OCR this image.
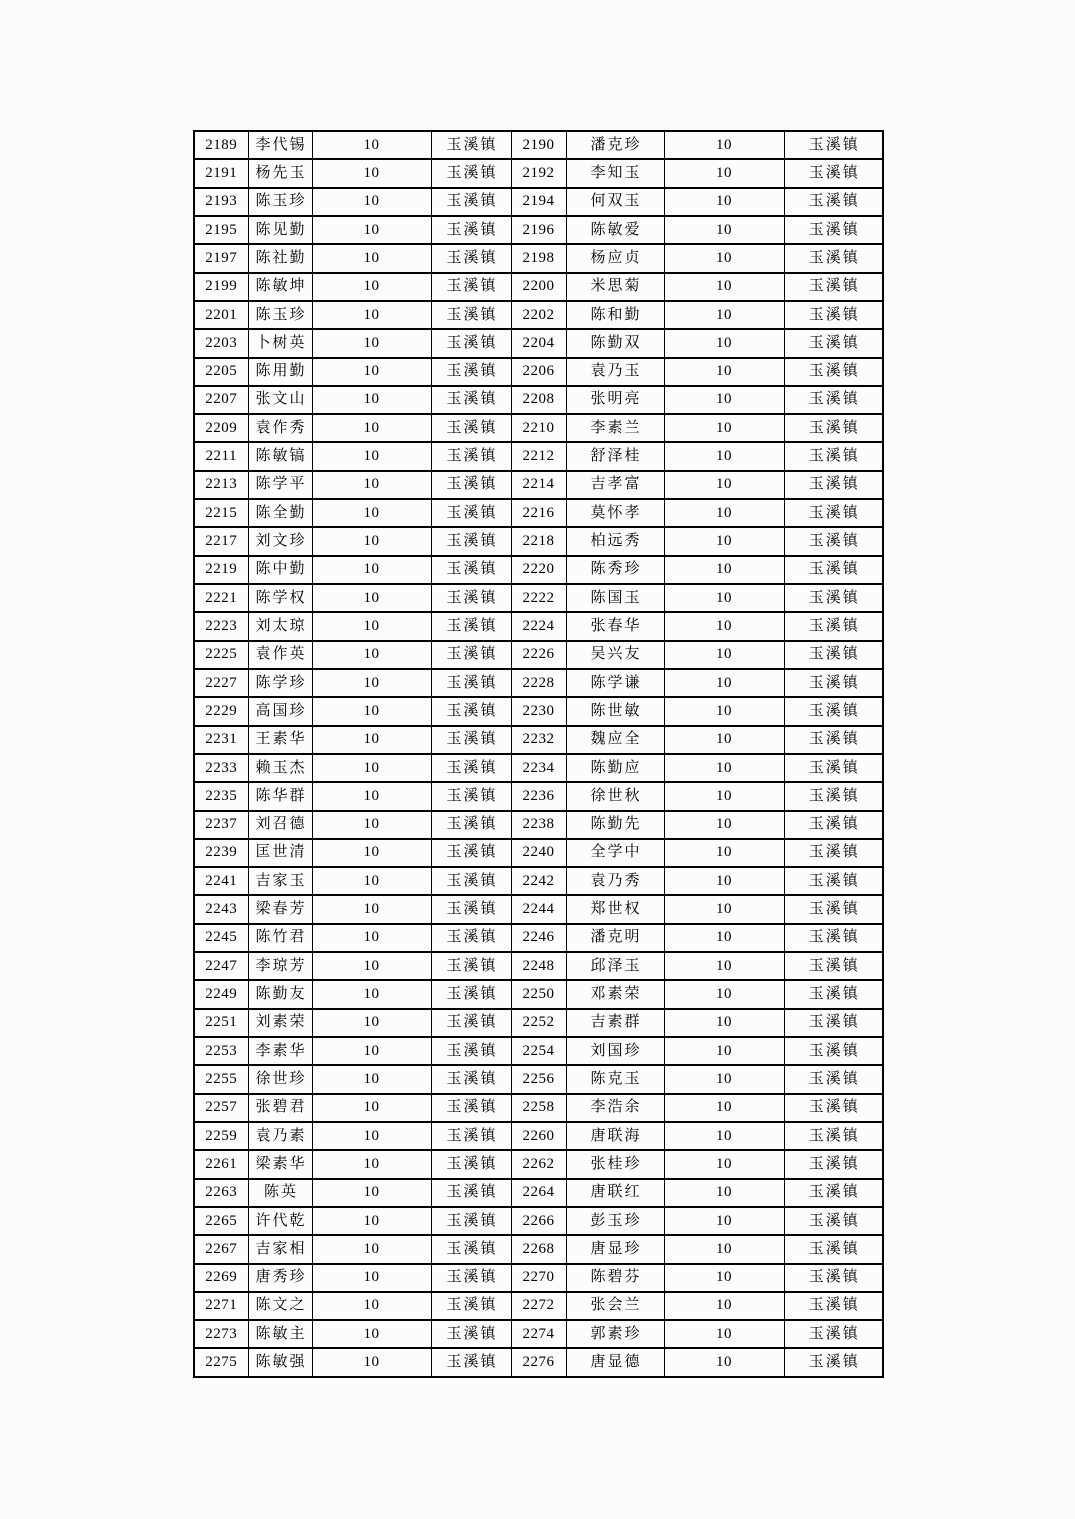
2189	李代锡	10	玉溪镇	2190	潘克珍	10	玉溪镇
2191	杨先玉	10	玉溪镇	2192	李知玉	10	玉溪镇
2193	陈玉珍	10	玉溪镇	2194	何双玉	10	玉溪镇
2195	陈见勤	10	玉溪镇	2196	陈敏爱	10	玉溪镇
2197	陈社勤	10	玉溪镇	2198	杨应贞	10	玉溪镇
2199	陈敏坤	10	玉溪镇	2200	米思菊	10	玉溪镇
2201	陈玉珍	10	玉溪镇	2202	陈和勤	10	玉溪镇
2203	卜树英	10	玉溪镇	2204	陈勤双	10	玉溪镇
2205	陈用勤	10	玉溪镇	2206	袁乃玉	10	玉溪镇
2207	张文山	10	玉溪镇	2208	张明亮	10	玉溪镇
2209	袁作秀	10	玉溪镇	2210	李素兰	10	玉溪镇
2211	陈敏镐	10	玉溪镇	2212	舒泽桂	10	玉溪镇
2213	陈学平	10	玉溪镇	2214	吉孝富	10	玉溪镇
2215	陈全勤	10	玉溪镇	2216	莫怀孝	10	玉溪镇
2217	刘文珍	10	玉溪镇	2218	柏远秀	10	玉溪镇
2219	陈中勤	10	玉溪镇	2220	陈秀珍	10	玉溪镇
2221	陈学权	10	玉溪镇	2222	陈国玉	10	玉溪镇
2223	刘太琼	10	玉溪镇	2224	张春华	10	玉溪镇
2225	袁作英	10	玉溪镇	2226	吴兴友	10	玉溪镇
2227	陈学珍	10	玉溪镇	2228	陈学谦	10	玉溪镇
2229	高国珍	10	玉溪镇	2230	陈世敏	10	玉溪镇
2231	王素华	10	玉溪镇	2232	魏应全	10	玉溪镇
2233	赖玉杰	10	玉溪镇	2234	陈勤应	10	玉溪镇
2235	陈华群	10	玉溪镇	2236	徐世秋	10	玉溪镇
2237	刘召德	10	玉溪镇	2238	陈勤先	10	玉溪镇
2239	匡世清	10	玉溪镇	2240	全学中	10	玉溪镇
2241	吉家玉	10	玉溪镇	2242	袁乃秀	10	玉溪镇
2243	梁春芳	10	玉溪镇	2244	郑世权	10	玉溪镇
2245	陈竹君	10	玉溪镇	2246	潘克明	10	玉溪镇
2247	李琼芳	10	玉溪镇	2248	邱泽玉	10	玉溪镇
2249	陈勤友	10	玉溪镇	2250	邓素荣	10	玉溪镇
2251	刘素荣	10	玉溪镇	2252	吉素群	10	玉溪镇
2253	李素华	10	玉溪镇	2254	刘国珍	10	玉溪镇
2255	徐世珍	10	玉溪镇	2256	陈克玉	10	玉溪镇
2257	张碧君	10	玉溪镇	2258	李浩余	10	玉溪镇
2259	袁乃素	10	玉溪镇	2260	唐联海	10	玉溪镇
2261	梁素华	10	玉溪镇	2262	张桂珍	10	玉溪镇
2263	陈英	10	玉溪镇	2264	唐联红	10	玉溪镇
2265	许代乾	10	玉溪镇	2266	彭玉珍	10	玉溪镇
2267	吉家相	10	玉溪镇	2268	唐显珍	10	玉溪镇
2269	唐秀珍	10	玉溪镇	2270	陈碧芬	10	玉溪镇
2271	陈文之	10	玉溪镇	2272	张会兰	10	玉溪镇
2273	陈敏主	10	玉溪镇	2274	郭素珍	10	玉溪镇
2275	陈敏强	10	玉溪镇	2276	唐显德	10	玉溪镇
